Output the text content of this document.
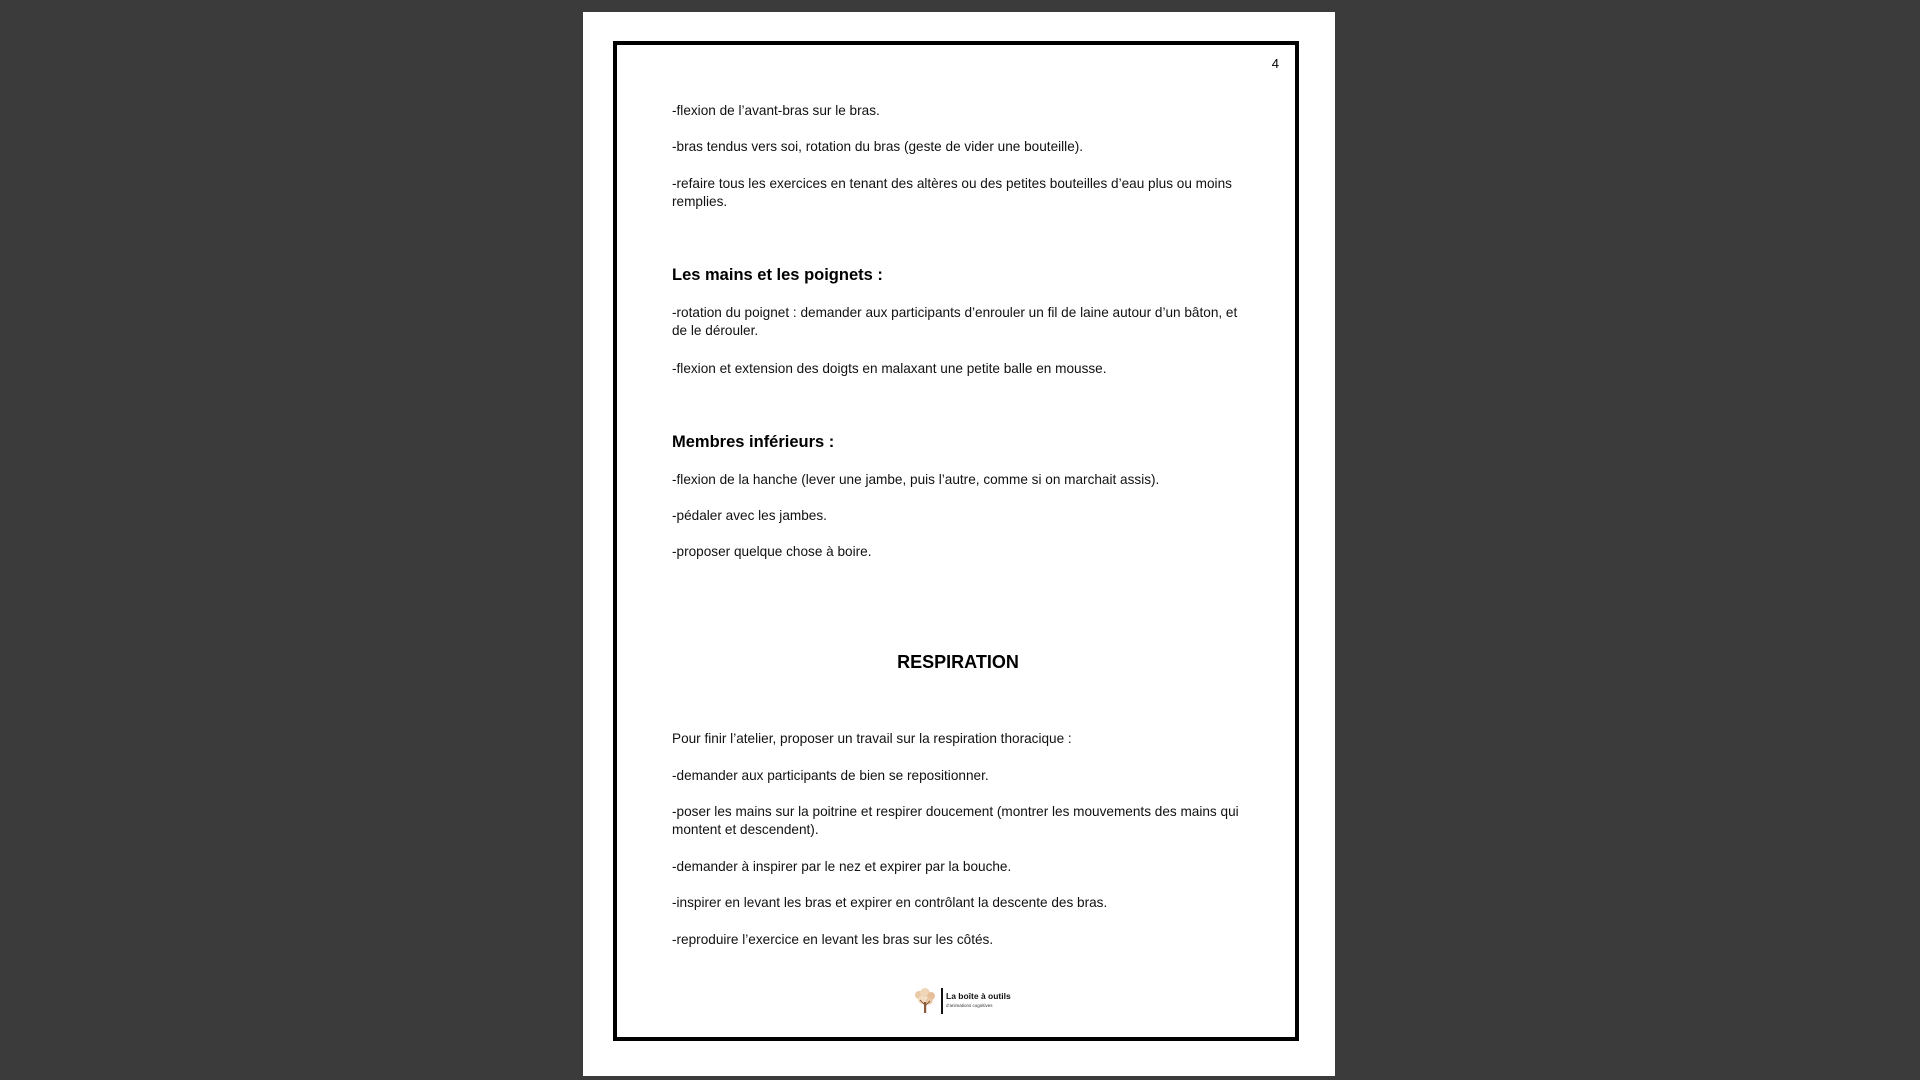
4

-flexion de l’avant-bras sur le bras.

-bras tendus vers soi, rotation du bras (geste de vider une bouteille).

-refaire tous les exercices en tenant des altères ou des petites bouteilles d’eau plus ou moins remplies.

Les mains et les poignets :

-rotation du poignet : demander aux participants d’enrouler un fil de laine autour d’un bâton, et de le dérouler.

-flexion et extension des doigts en malaxant une petite balle en mousse.

Membres inférieurs :

-flexion de la hanche (lever une jambe, puis l’autre, comme si on marchait assis).

-pédaler avec les jambes.

-proposer quelque chose à boire.

RESPIRATION

Pour finir l’atelier, proposer un travail sur la respiration thoracique :

-demander aux participants de bien se repositionner.

-poser les mains sur la poitrine et respirer doucement (montrer les mouvements des mains qui montent et descendent).

-demander à inspirer par le nez et expirer par la bouche.

-inspirer en levant les bras et expirer en contrôlant la descente des bras.

-reproduire l’exercice en levant les bras sur les côtés.

La boîte à outils
d’animations cognitives
